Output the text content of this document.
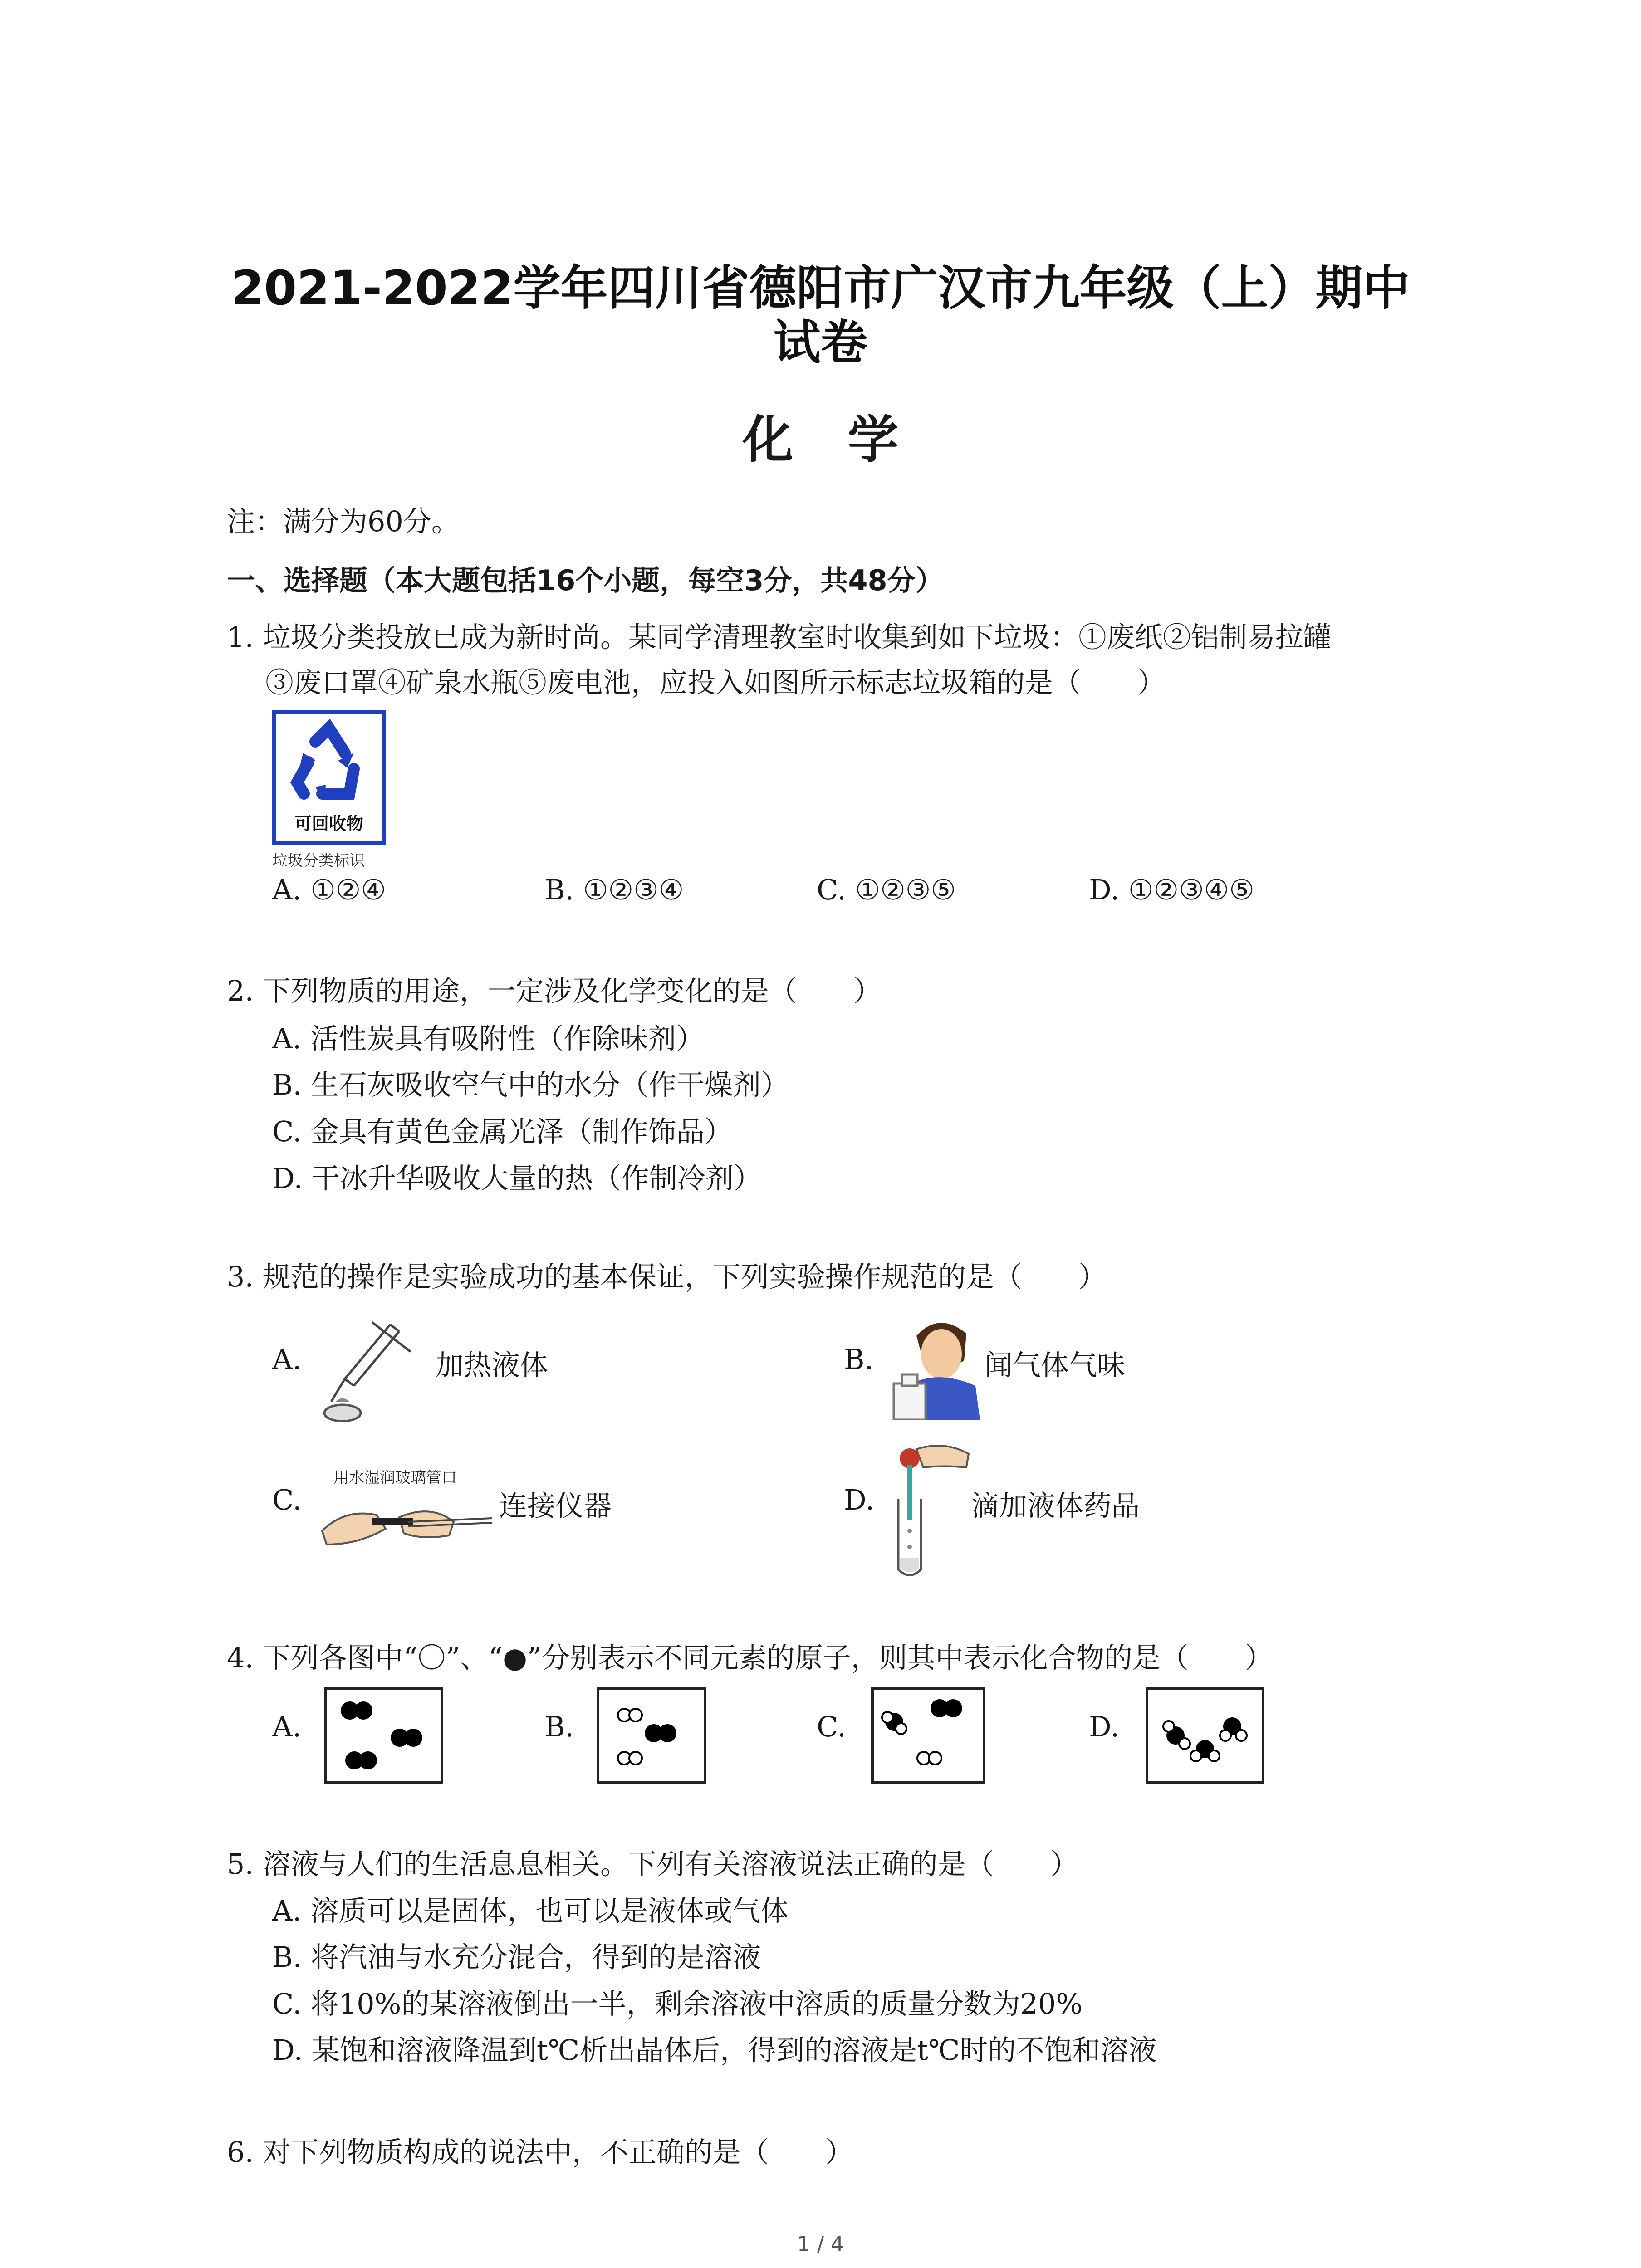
2021-2022学年四川省德阳市广汉市九年级（上）期中
试卷
化学
注：满分为60分。
一、选择题（本大题包括16个小题，每空3分，共48分）
1. 垃圾分类投放已成为新时尚。某同学清理教室时收集到如下垃圾：①废纸②铝制易拉罐
③废口罩④矿泉水瓶⑤废电池，应投入如图所示标志垃圾箱的是（　　）
可回收物
垃圾分类标识
A. ①②④	B. ①②③④	C. ①②③⑤	D. ①②③④⑤
2. 下列物质的用途，一定涉及化学变化的是（　　）
A. 活性炭具有吸附性（作除味剂）
B. 生石灰吸收空气中的水分（作干燥剂）
C. 金具有黄色金属光泽（制作饰品）
D. 干冰升华吸收大量的热（作制冷剂）
3. 规范的操作是实验成功的基本保证，下列实验操作规范的是（　　）
A.	加热液体	B.	闻气体气味
C.
用水湿润玻璃管口
连接仪器	D.	滴加液体药品
4. 下列各图中“〇”、“●”分别表示不同元素的原子，则其中表示化合物的是（　　）
A.	B.	C.	D.
5. 溶液与人们的生活息息相关。下列有关溶液说法正确的是（　　）
A. 溶质可以是固体，也可以是液体或气体
B. 将汽油与水充分混合，得到的是溶液
C. 将10%的某溶液倒出一半，剩余溶液中溶质的质量分数为20%
D. 某饱和溶液降温到t℃析出晶体后，得到的溶液是t℃时的不饱和溶液
6. 对下列物质构成的说法中，不正确的是（　　）
1 / 4
